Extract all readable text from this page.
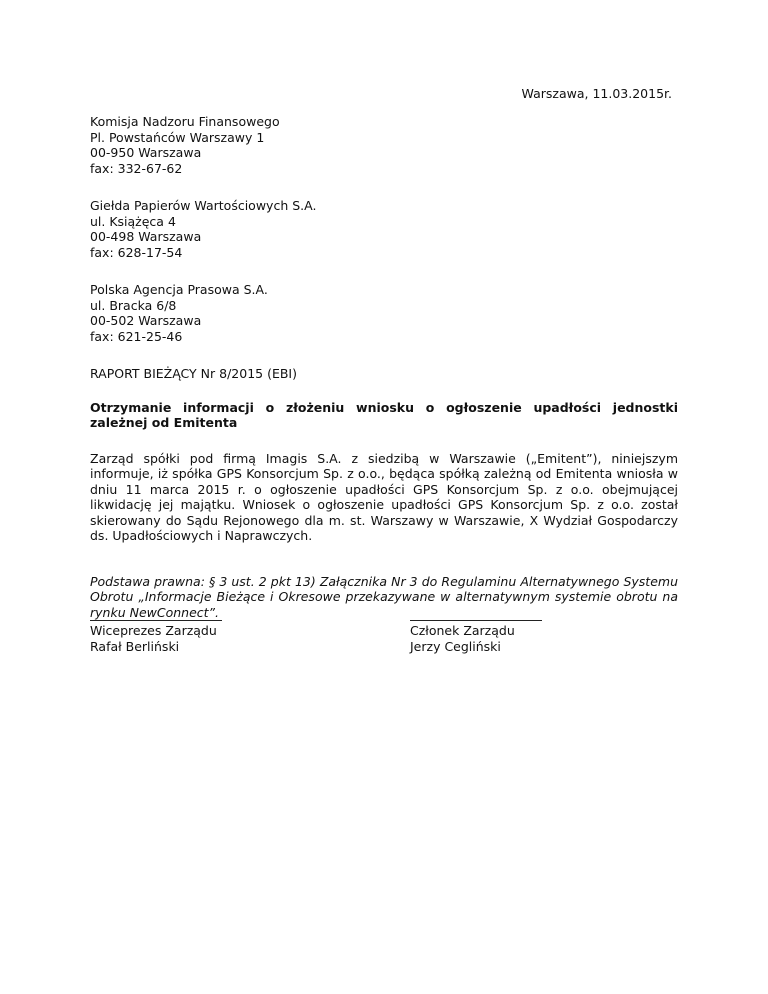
Warszawa, 11.03.2015r.
Komisja Nadzoru Finansowego
Pl. Powstańców Warszawy 1
00-950 Warszawa
fax: 332-67-62
Giełda Papierów Wartościowych S.A.
ul. Książęca 4
00-498 Warszawa
fax: 628-17-54
Polska Agencja Prasowa S.A.
ul. Bracka 6/8
00-502 Warszawa
fax: 621-25-46
RAPORT BIEŻĄCY Nr 8/2015 (EBI)
Otrzymanie informacji o złożeniu wniosku o ogłoszenie upadłości jednostki zależnej od Emitenta
Zarząd spółki pod firmą Imagis S.A. z siedzibą w Warszawie („Emitent”), niniejszym informuje, iż spółka GPS Konsorcjum Sp. z o.o., będąca spółką zależną od Emitenta wniosła w dniu 11 marca 2015 r. o ogłoszenie upadłości GPS Konsorcjum Sp. z o.o. obejmującej likwidację jej majątku. Wniosek o ogłoszenie upadłości GPS Konsorcjum Sp. z o.o. został skierowany do Sądu Rejonowego dla m. st. Warszawy w Warszawie, X Wydział Gospodarczy ds. Upadłościowych i Naprawczych.
Podstawa prawna: § 3 ust. 2 pkt 13) Załącznika Nr 3 do Regulaminu Alternatywnego Systemu Obrotu „Informacje Bieżące i Okresowe przekazywane w alternatywnym systemie obrotu na rynku NewConnect”.
Wiceprezes Zarządu
Rafał Berliński
Członek Zarządu
Jerzy Cegliński
